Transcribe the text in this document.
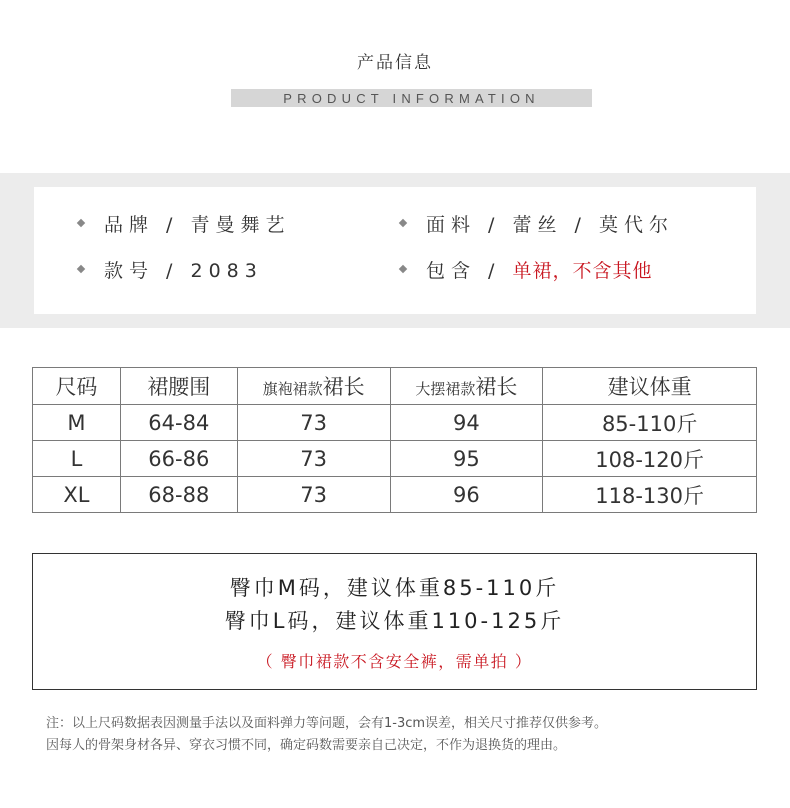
产品信息
PRODUCT INFORMATION
品牌 / 青曼舞艺	面料 / 蕾丝 / 莫代尔
款号 / 2083	包含 / 单裙，不含其他
尺码	裙腰围	旗袍裙款裙长	大摆裙款裙长	建议体重
M	64-84	73	94	85-110斤
L	66-86	73	95	108-120斤
XL	68-88	73	96	118-130斤
臀巾M码，建议体重85-110斤
臀巾L码，建议体重110-125斤
（ 臀巾裙款不含安全裤，需单拍 ）
注：以上尺码数据表因测量手法以及面料弹力等问题，会有1-3cm误差，相关尺寸推荐仅供参考。
因每人的骨架身材各异、穿衣习惯不同，确定码数需要亲自己决定，不作为退换货的理由。
